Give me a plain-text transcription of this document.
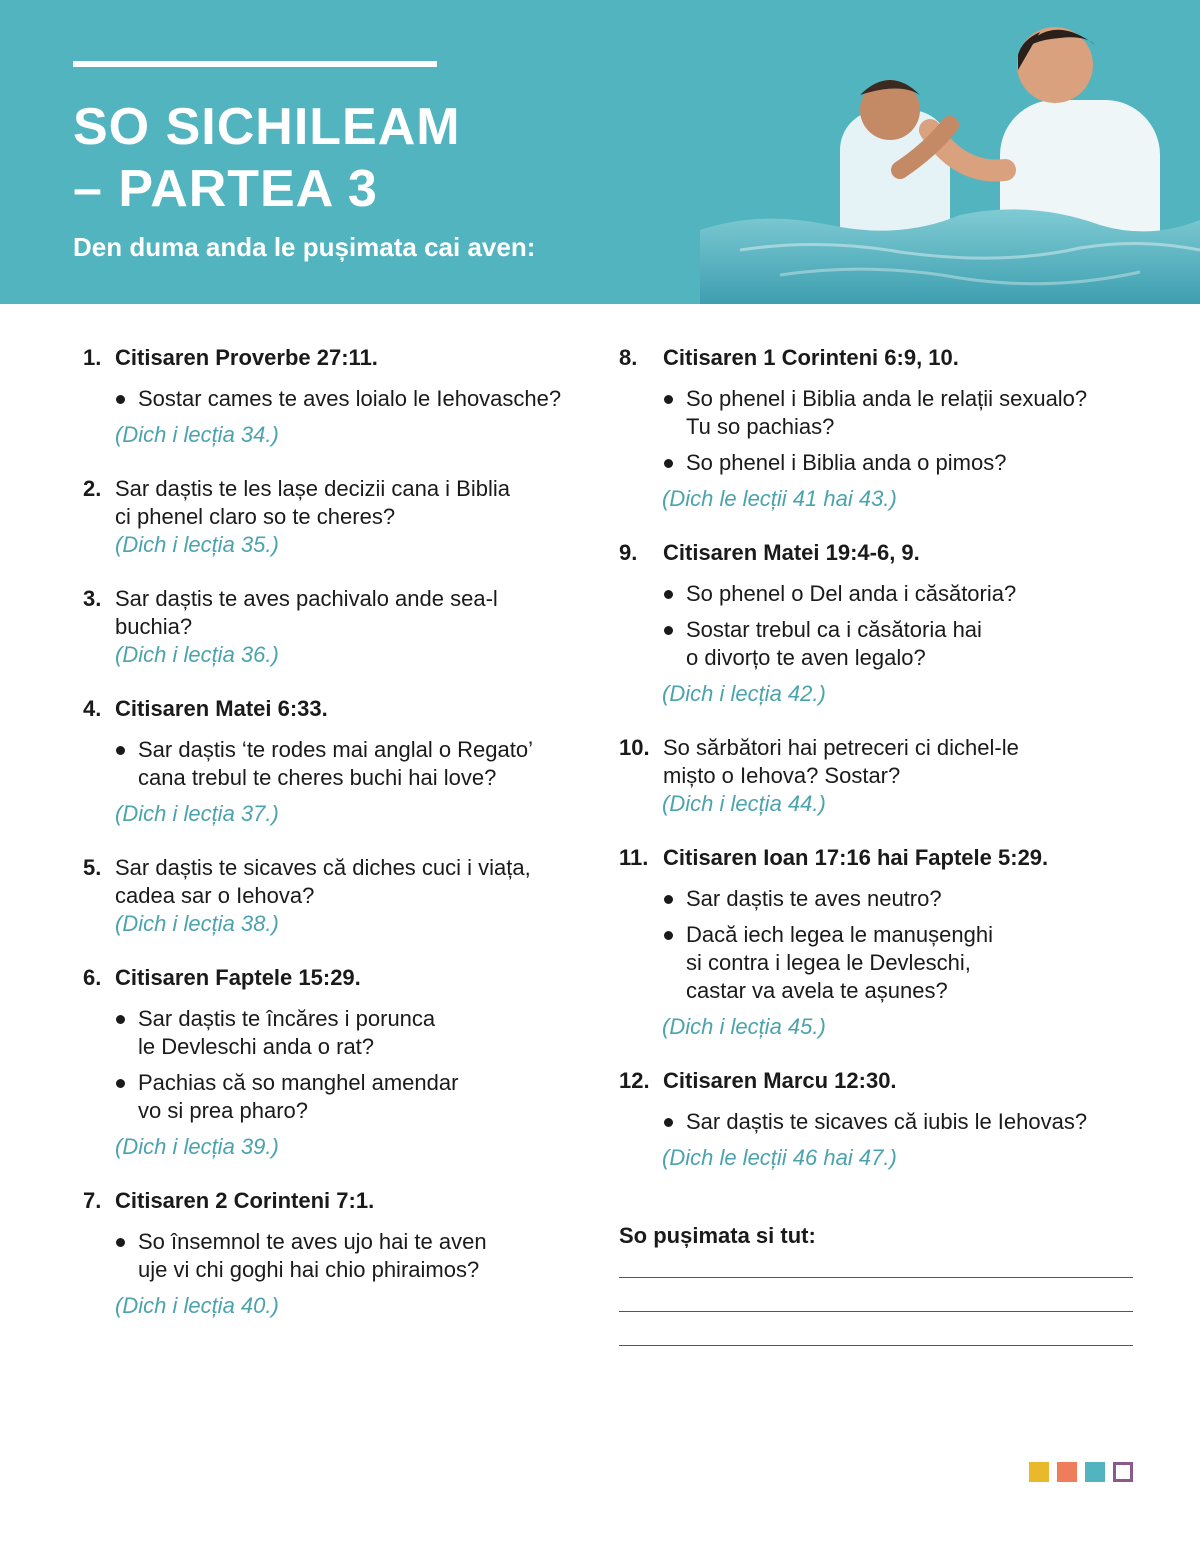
SO SICHILEAM
– PARTEA 3
Den duma anda le pușimata cai aven:
1. Citisaren Proverbe 27:11.
Sostar cames te aves loialo le Iehovasche?
(Dich i lecția 34.)
2. Sar daștis te les lașe decizii cana i Biblia
ci phenel claro so te cheres?
(Dich i lecția 35.)
3. Sar daștis te aves pachivalo ande sea-l
buchia?
(Dich i lecția 36.)
4. Citisaren Matei 6:33.
Sar daștis ‘te rodes mai anglal o Regato’
cana trebul te cheres buchi hai love?
(Dich i lecția 37.)
5. Sar daștis te sicaves că diches cuci i viața,
cadea sar o Iehova?
(Dich i lecția 38.)
6. Citisaren Faptele 15:29.
Sar daștis te încăres i porunca
le Devleschi anda o rat?
Pachias că so manghel amendar
vo si prea pharo?
(Dich i lecția 39.)
7. Citisaren 2 Corinteni 7:1.
So însemnol te aves ujo hai te aven
uje vi chi goghi hai chio phiraimos?
(Dich i lecția 40.)
8.	Citisaren 1 Corinteni 6:9, 10.
So phenel i Biblia anda le relații sexualo?
Tu so pachias?
So phenel i Biblia anda o pimos?
(Dich le lecții 41 hai 43.)
9.	Citisaren Matei 19:4-6, 9.
So phenel o Del anda i căsătoria?
Sostar trebul ca i căsătoria hai
o divorțo te aven legalo?
(Dich i lecția 42.)
10. So sărbători hai petreceri ci dichel-le
mișto o Iehova? Sostar?
(Dich i lecția 44.)
11. Citisaren Ioan 17:16 hai Faptele 5:29.
Sar daștis te aves neutro?
Dacă iech legea le manușenghi
si contra i legea le Devleschi,
castar va avela te așunes?
(Dich i lecția 45.)
12. Citisaren Marcu 12:30.
Sar daștis te sicaves că iubis le Iehovas?
(Dich le lecții 46 hai 47.)
So pușimata si tut:
